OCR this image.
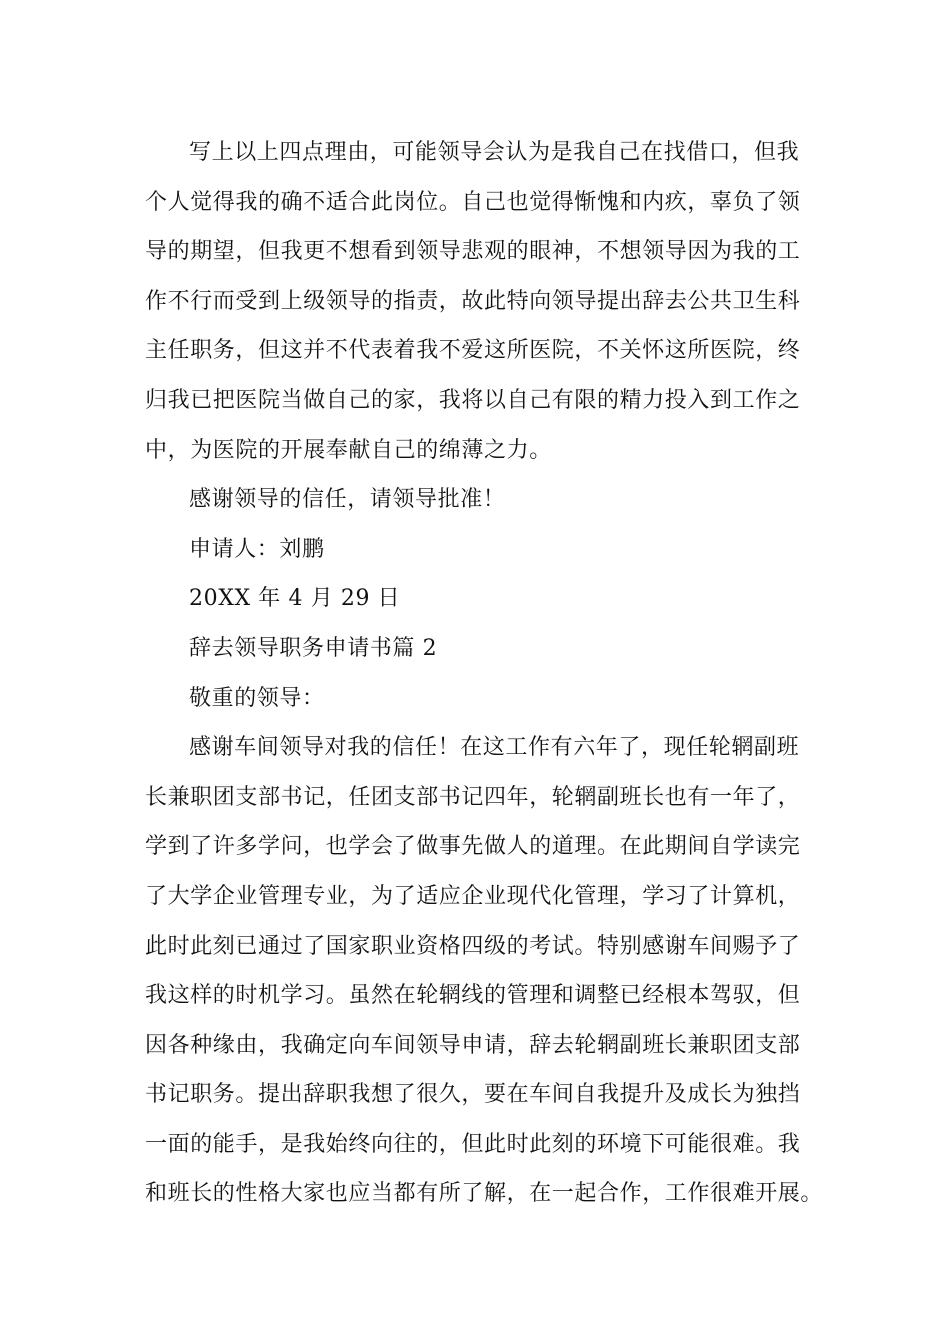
写上以上四点理由，可能领导会认为是我自己在找借口，但我
个人觉得我的确不适合此岗位。自己也觉得惭愧和内疚，辜负了领
导的期望，但我更不想看到领导悲观的眼神，不想领导因为我的工
作不行而受到上级领导的指责，故此特向领导提出辞去公共卫生科
主任职务，但这并不代表着我不爱这所医院，不关怀这所医院，终
归我已把医院当做自己的家，我将以自己有限的精力投入到工作之
中，为医院的开展奉献自己的绵薄之力。
感谢领导的信任，请领导批准！
申请人：刘鹏
20XX 年 4 月 29 日
辞去领导职务申请书篇 2
敬重的领导：
感谢车间领导对我的信任！在这工作有六年了，现任轮辋副班
长兼职团支部书记，任团支部书记四年，轮辋副班长也有一年了，
学到了许多学问，也学会了做事先做人的道理。在此期间自学读完
了大学企业管理专业，为了适应企业现代化管理，学习了计算机，
此时此刻已通过了国家职业资格四级的考试。特别感谢车间赐予了
我这样的时机学习。虽然在轮辋线的管理和调整已经根本驾驭，但
因各种缘由，我确定向车间领导申请，辞去轮辋副班长兼职团支部
书记职务。提出辞职我想了很久，要在车间自我提升及成长为独挡
一面的能手，是我始终向往的，但此时此刻的环境下可能很难。我
和班长的性格大家也应当都有所了解，在一起合作，工作很难开展。
